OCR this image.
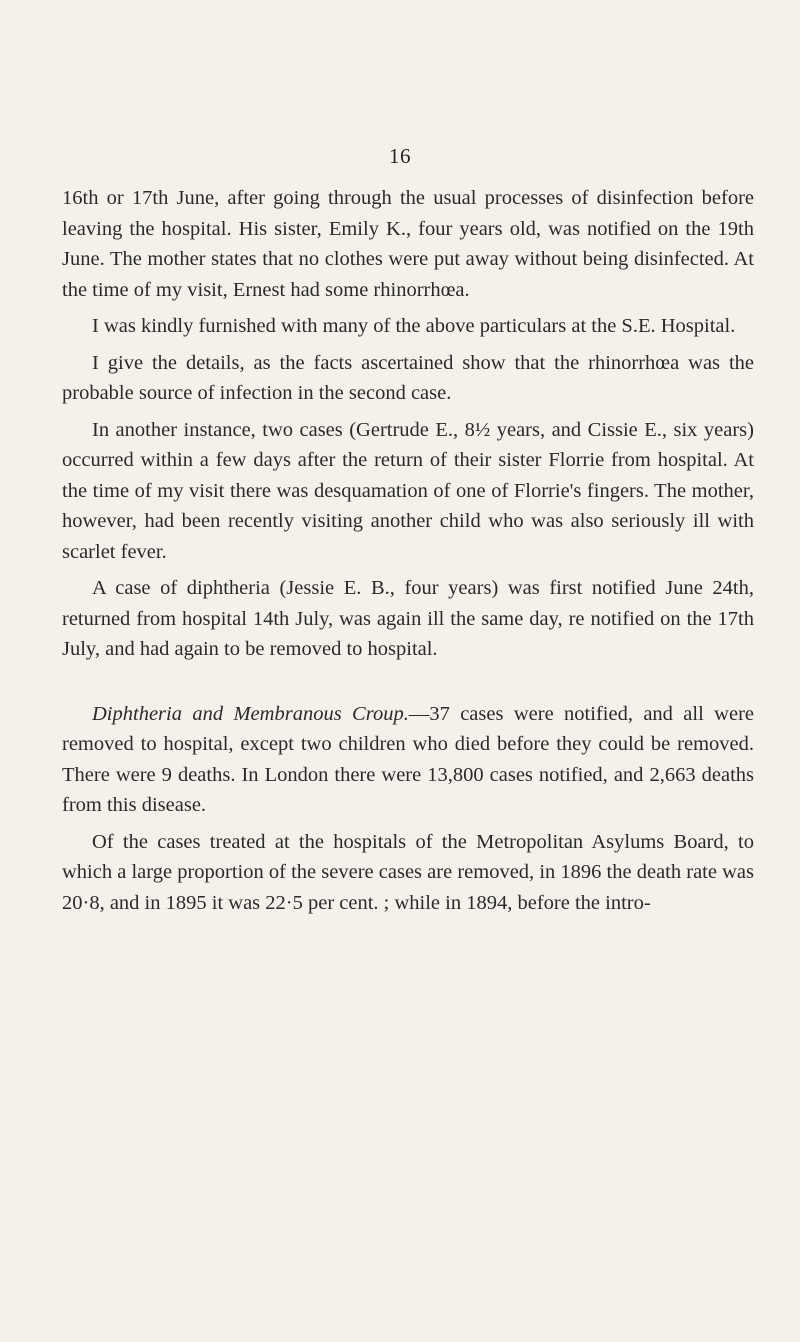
16

16th or 17th June, after going through the usual processes of disinfection before leaving the hospital. His sister, Emily K., four years old, was notified on the 19th June. The mother states that no clothes were put away without being disinfected. At the time of my visit, Ernest had some rhinorrhœa.

I was kindly furnished with many of the above particulars at the S.E. Hospital.

I give the details, as the facts ascertained show that the rhinorrhœa was the probable source of infection in the second case.

In another instance, two cases (Gertrude E., 8½ years, and Cissie E., six years) occurred within a few days after the return of their sister Florrie from hospital. At the time of my visit there was desquamation of one of Florrie's fingers. The mother, however, had been recently visiting another child who was also seriously ill with scarlet fever.

A case of diphtheria (Jessie E. B., four years) was first notified June 24th, returned from hospital 14th July, was again ill the same day, re notified on the 17th July, and had again to be removed to hospital.

Diphtheria and Membranous Croup.—37 cases were notified, and all were removed to hospital, except two children who died before they could be removed. There were 9 deaths. In London there were 13,800 cases notified, and 2,663 deaths from this disease.

Of the cases treated at the hospitals of the Metropolitan Asylums Board, to which a large proportion of the severe cases are removed, in 1896 the death rate was 20·8, and in 1895 it was 22·5 per cent. ; while in 1894, before the intro-
